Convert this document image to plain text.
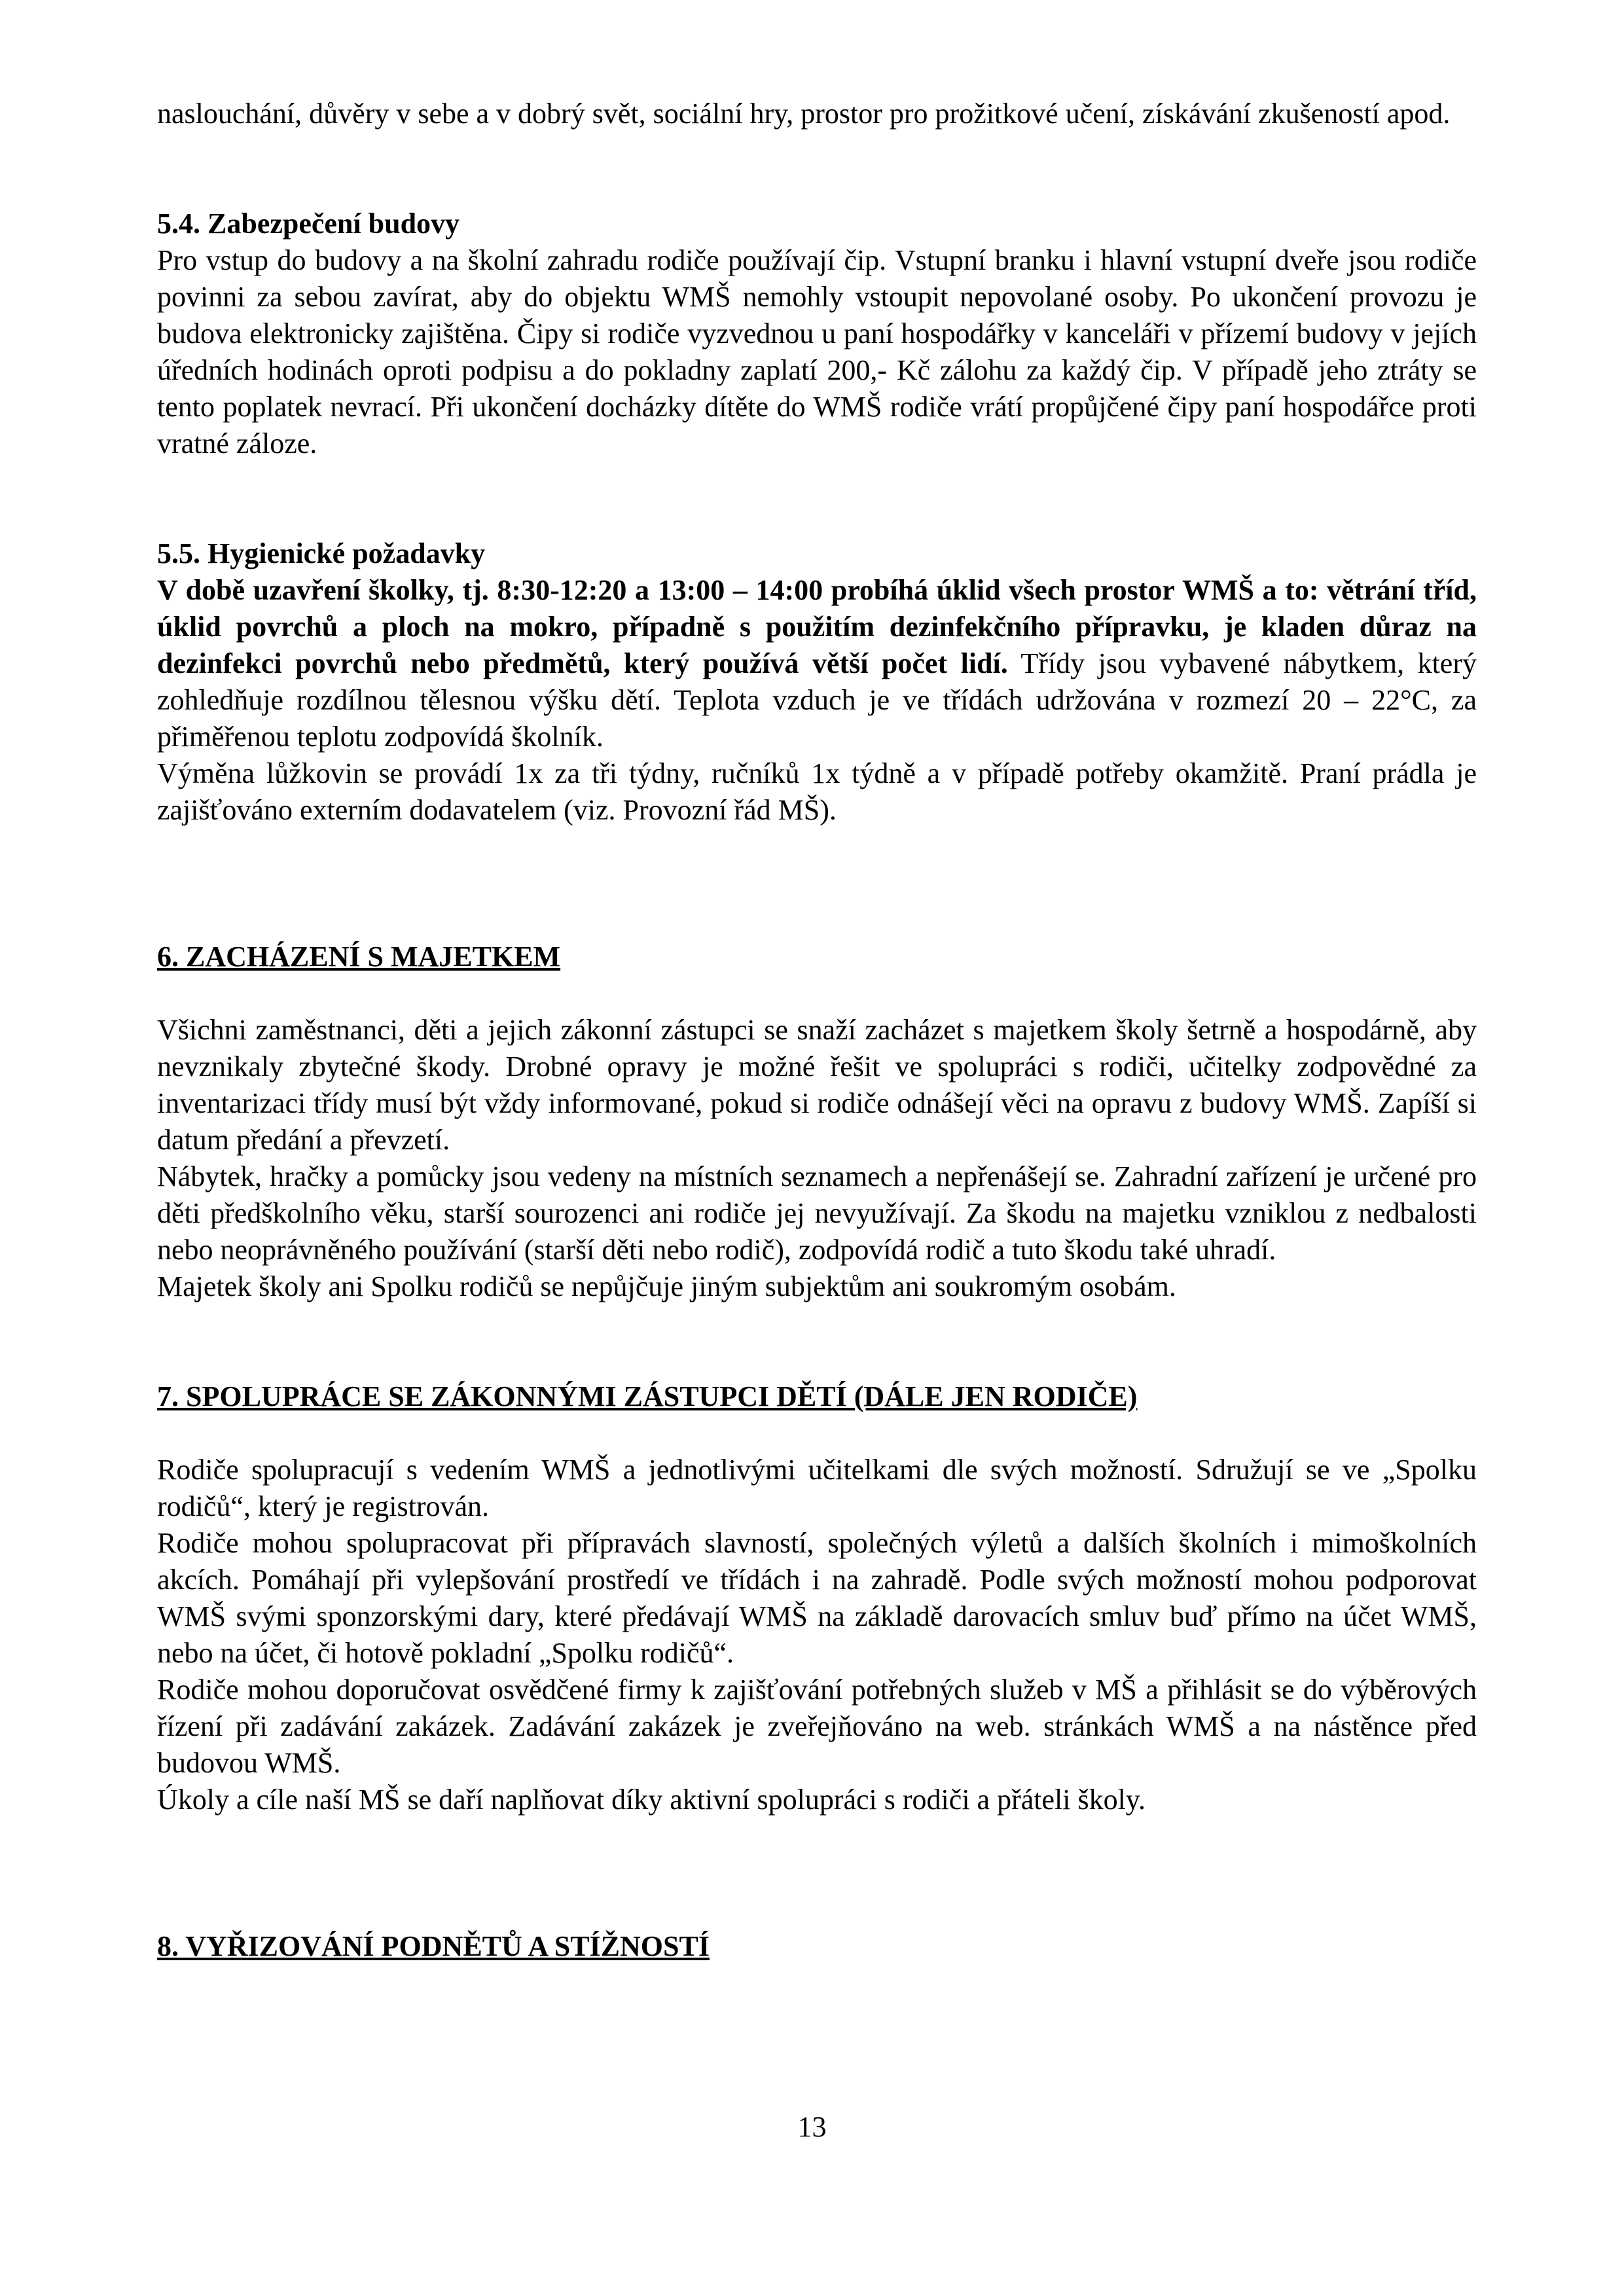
naslouchání, důvěry v sebe a v dobrý svět, sociální hry, prostor pro prožitkové učení, získávání zkušeností apod.

5.4. Zabezpečení budovy

Pro vstup do budovy a na školní zahradu rodiče používají čip. Vstupní branku i hlavní vstupní dveře jsou rodiče povinni za sebou zavírat, aby do objektu WMŠ nemohly vstoupit nepovolané osoby. Po ukončení provozu je budova elektronicky zajištěna. Čipy si rodiče vyzvednou u paní hospodářky v kanceláři v přízemí budovy v jejích úředních hodinách oproti podpisu a do pokladny zaplatí 200,- Kč zálohu za každý čip. V případě jeho ztráty se tento poplatek nevrací. Při ukončení docházky dítěte do WMŠ rodiče vrátí propůjčené čipy paní hospodářce proti vratné záloze.

5.5. Hygienické požadavky

V době uzavření školky, tj. 8:30-12:20 a 13:00 – 14:00 probíhá úklid všech prostor WMŠ a to: větrání tříd, úklid povrchů a ploch na mokro, případně s použitím dezinfekčního přípravku, je kladen důraz na dezinfekci povrchů nebo předmětů, který používá větší počet lidí. Třídy jsou vybavené nábytkem, který zohledňuje rozdílnou tělesnou výšku dětí. Teplota vzduch je ve třídách udržována v rozmezí 20 – 22°C, za přiměřenou teplotu zodpovídá školník.

Výměna lůžkovin se provádí 1x za tři týdny, ručníků 1x týdně a v případě potřeby okamžitě. Praní prádla je zajišťováno externím dodavatelem (viz. Provozní řád MŠ).

6. ZACHÁZENÍ S MAJETKEM

Všichni zaměstnanci, děti a jejich zákonní zástupci se snaží zacházet s majetkem školy šetrně a hospodárně, aby nevznikaly zbytečné škody. Drobné opravy je možné řešit ve spolupráci s rodiči, učitelky zodpovědné za inventarizaci třídy musí být vždy informované, pokud si rodiče odnášejí věci na opravu z budovy WMŠ. Zapíší si datum předání a převzetí.

Nábytek, hračky a pomůcky jsou vedeny na místních seznamech a nepřenášejí se. Zahradní zařízení je určené pro děti předškolního věku, starší sourozenci ani rodiče jej nevyužívají. Za škodu na majetku vzniklou z nedbalosti nebo neoprávněného používání (starší děti nebo rodič), zodpovídá rodič a tuto škodu také uhradí.

Majetek školy ani Spolku rodičů se nepůjčuje jiným subjektům ani soukromým osobám.

7. SPOLUPRÁCE SE ZÁKONNÝMI ZÁSTUPCI DĚTÍ (DÁLE JEN RODIČE)

Rodiče spolupracují s vedením WMŠ a jednotlivými učitelkami dle svých možností. Sdružují se ve „Spolku rodičů“, který je registrován.

Rodiče mohou spolupracovat při přípravách slavností, společných výletů a dalších školních i mimoškolních akcích. Pomáhají při vylepšování prostředí ve třídách i na zahradě. Podle svých možností mohou podporovat WMŠ svými sponzorskými dary, které předávají WMŠ na základě darovacích smluv buď přímo na účet WMŠ, nebo na účet, či hotově pokladní „Spolku rodičů“.

Rodiče mohou doporučovat osvědčené firmy k zajišťování potřebných služeb v MŠ a přihlásit se do výběrových řízení při zadávání zakázek. Zadávání zakázek je zveřejňováno na web. stránkách WMŠ a na nástěnce před budovou WMŠ.

Úkoly a cíle naší MŠ se daří naplňovat díky aktivní spolupráci s rodiči a přáteli školy.

8. VYŘIZOVÁNÍ PODNĚTŮ A STÍŽNOSTÍ

13
